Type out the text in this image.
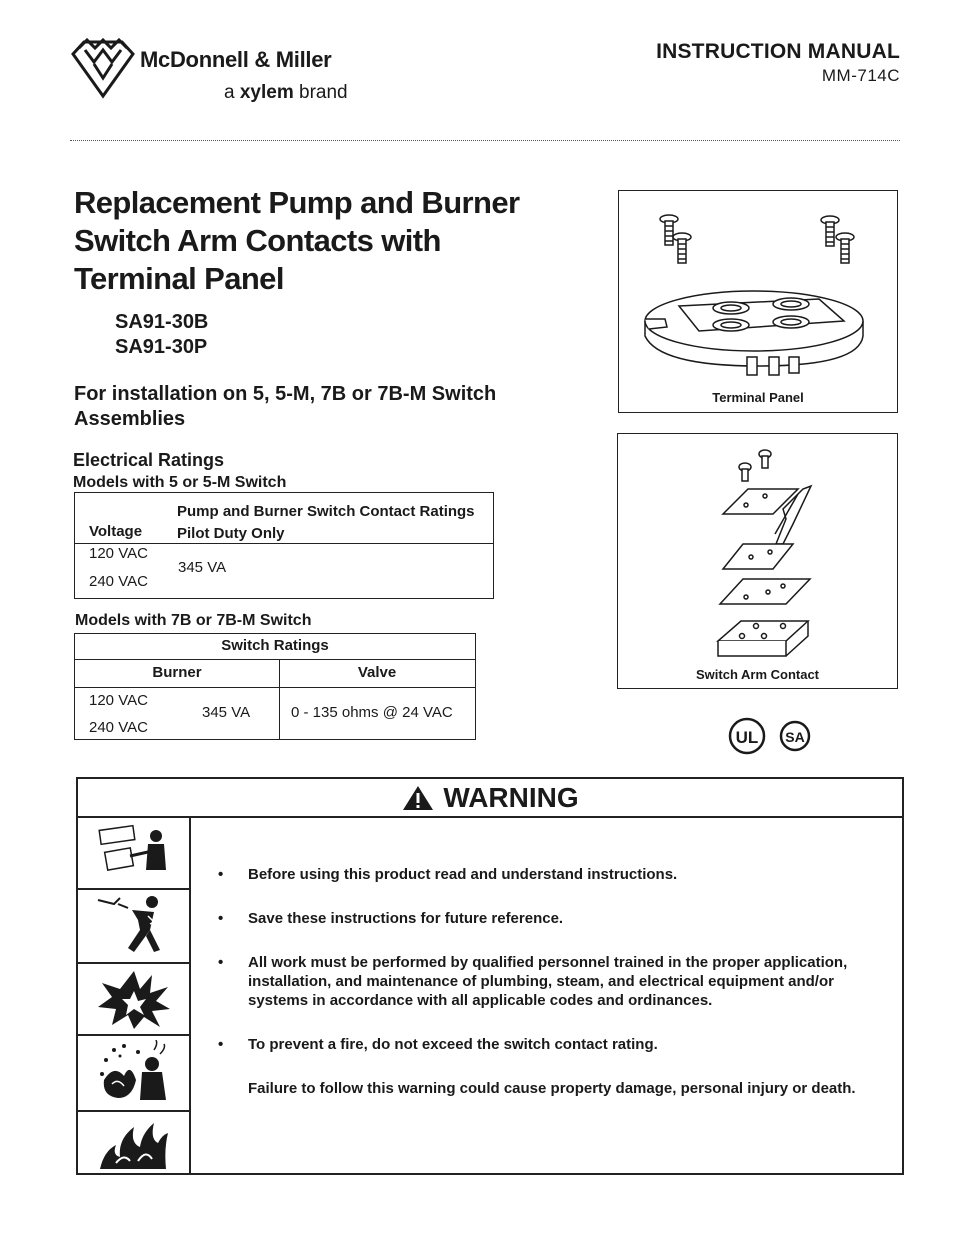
McDonnell & Miller
a xylem brand
INSTRUCTION MANUAL
MM-714C
Replacement Pump and Burner Switch Arm Contacts with Terminal Panel
SA91-30B
SA91-30P
For installation on 5, 5-M, 7B or 7B-M Switch Assemblies
Electrical Ratings
Models with 5 or 5-M Switch
Voltage
Pump and Burner Switch Contact Ratings
Pilot Duty Only
120 VAC
240 VAC
345 VA
Models with 7B or 7B-M Switch
Switch Ratings
Burner	Valve
120 VAC
240 VAC
345 VA	0 - 135 ohms @ 24 VAC
Terminal Panel
Switch Arm Contact
UL SA
WARNING
• Before using this product read and understand instructions.
• Save these instructions for future reference.
• All work must be performed by qualified personnel trained in the proper application, installation, and maintenance of plumbing, steam, and electrical equipment and/or systems in accordance with all applicable codes and ordinances.
• To prevent a fire, do not exceed the switch contact rating.
Failure to follow this warning could cause property damage, personal injury or death.
